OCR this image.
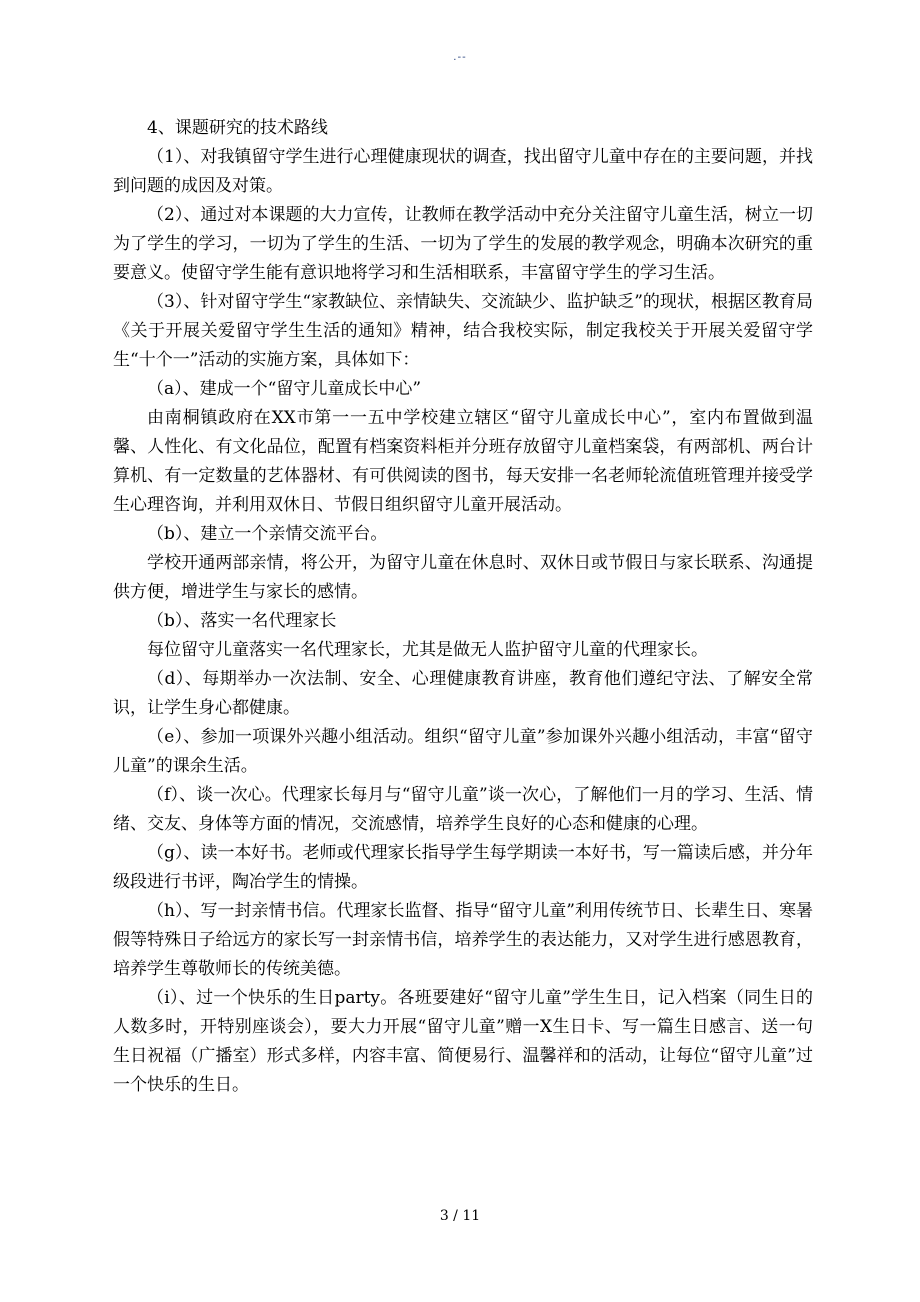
.--

4、课题研究的技术路线

（1）、对我镇留守学生进行心理健康现状的调查，找出留守儿童中存在的主要问题，并找到问题的成因及对策。

（2）、通过对本课题的大力宣传，让教师在教学活动中充分关注留守儿童生活，树立一切为了学生的学习，一切为了学生的生活、一切为了学生的发展的教学观念，明确本次研究的重要意义。使留守学生能有意识地将学习和生活相联系，丰富留守学生的学习生活。

（3）、针对留守学生“家教缺位、亲情缺失、交流缺少、监护缺乏”的现状，根据区教育局《关于开展关爱留守学生生活的通知》精神，结合我校实际，制定我校关于开展关爱留守学生“十个一”活动的实施方案，具体如下：

（a）、建成一个“留守儿童成长中心”

由南桐镇政府在XX市第一一五中学校建立辖区“留守儿童成长中心”，室内布置做到温馨、人性化、有文化品位，配置有档案资料柜并分班存放留守儿童档案袋，有两部机、两台计算机、有一定数量的艺体器材、有可供阅读的图书，每天安排一名老师轮流值班管理并接受学生心理咨询，并利用双休日、节假日组织留守儿童开展活动。

（b）、建立一个亲情交流平台。

学校开通两部亲情，将公开，为留守儿童在休息时、双休日或节假日与家长联系、沟通提供方便，增进学生与家长的感情。

（b）、落实一名代理家长

每位留守儿童落实一名代理家长，尤其是做无人监护留守儿童的代理家长。

（d）、每期举办一次法制、安全、心理健康教育讲座，教育他们遵纪守法、了解安全常识，让学生身心都健康。

（e）、参加一项课外兴趣小组活动。组织“留守儿童”参加课外兴趣小组活动，丰富“留守儿童”的课余生活。

（f）、谈一次心。代理家长每月与“留守儿童”谈一次心，了解他们一月的学习、生活、情绪、交友、身体等方面的情况，交流感情，培养学生良好的心态和健康的心理。

（g）、读一本好书。老师或代理家长指导学生每学期读一本好书，写一篇读后感，并分年级段进行书评，陶冶学生的情操。

（h）、写一封亲情书信。代理家长监督、指导“留守儿童”利用传统节日、长辈生日、寒暑假等特殊日子给远方的家长写一封亲情书信，培养学生的表达能力，又对学生进行感恩教育，培养学生尊敬师长的传统美德。

（i）、过一个快乐的生日party。各班要建好“留守儿童”学生生日，记入档案（同生日的人数多时，开特别座谈会），要大力开展“留守儿童”赠一X生日卡、写一篇生日感言、送一句生日祝福（广播室）形式多样，内容丰富、简便易行、温馨祥和的活动，让每位“留守儿童”过一个快乐的生日。

3 / 11
